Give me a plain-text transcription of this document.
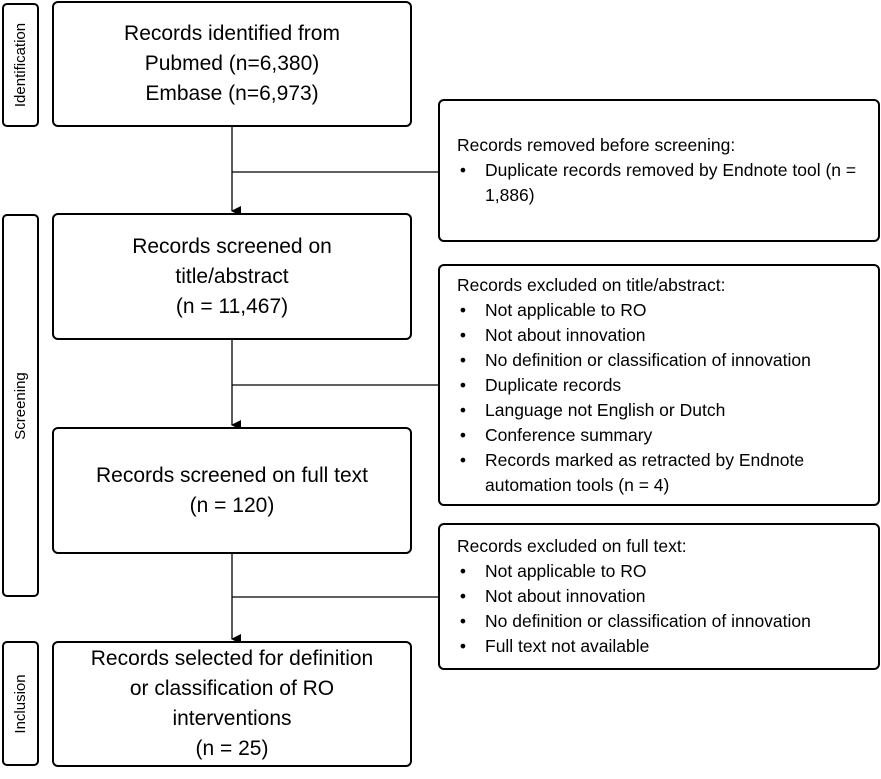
Identification
Screening
Inclusion
Records identified from
Pubmed (n=6,380)
Embase (n=6,973)
Records screened on
title/abstract
(n = 11,467)
Records screened on full text
(n = 120)
Records selected for definition
or classification of RO
interventions
(n = 25)
Records removed before screening:
• Duplicate records removed by Endnote tool (n = 1,886)
Records excluded on title/abstract:
• Not applicable to RO
• Not about innovation
• No definition or classification of innovation
• Duplicate records
• Language not English or Dutch
• Conference summary
• Records marked as retracted by Endnote automation tools (n = 4)
Records excluded on full text:
• Not applicable to RO
• Not about innovation
• No definition or classification of innovation
• Full text not available
